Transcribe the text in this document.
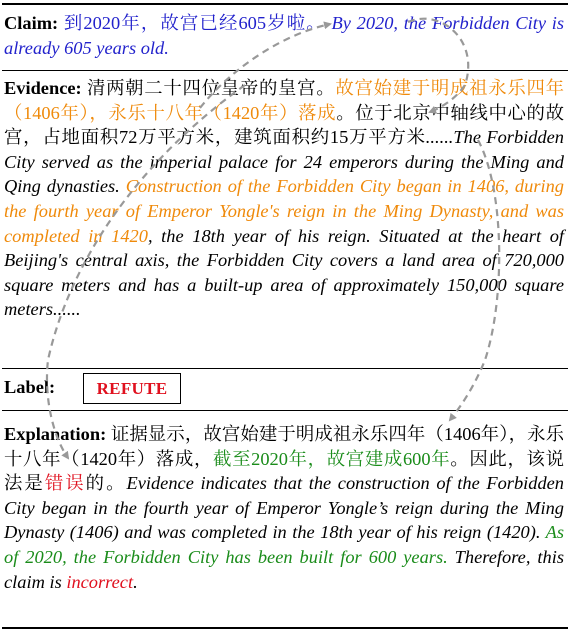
Claim: 到2020年，故宫已经605岁啦。 By 2020, the Forbidden City is already 605 years old.
Evidence: 清两朝二十四位皇帝的皇宫。故宫始建于明成祖永乐四年（1406年），永乐十八年（1420年）落成。位于北京中轴线中心的故宫，占地面积72万平方米，建筑面积约15万平方米......The Forbidden City served as the imperial palace for 24 emperors during the Ming and Qing dynasties. Construction of the Forbidden City began in 1406, during the fourth year of Emperor Yongle's reign in the Ming Dynasty, and was completed in 1420, the 18th year of his reign. Situated at the heart of Beijing's central axis, the Forbidden City covers a land area of 720,000 square meters and has a built-up area of approximately 150,000 square meters......
Label:	REFUTE
Explanation: 证据显示，故宫始建于明成祖永乐四年（1406年），永乐十八年（1420年）落成，截至2020年，故宫建成600年。因此，该说法是错误的。Evidence indicates that the construction of the Forbidden City began in the fourth year of Emperor Yongle’s reign during the Ming Dynasty (1406) and was completed in the 18th year of his reign (1420). As of 2020, the Forbidden City has been built for 600 years. Therefore, this claim is incorrect.
